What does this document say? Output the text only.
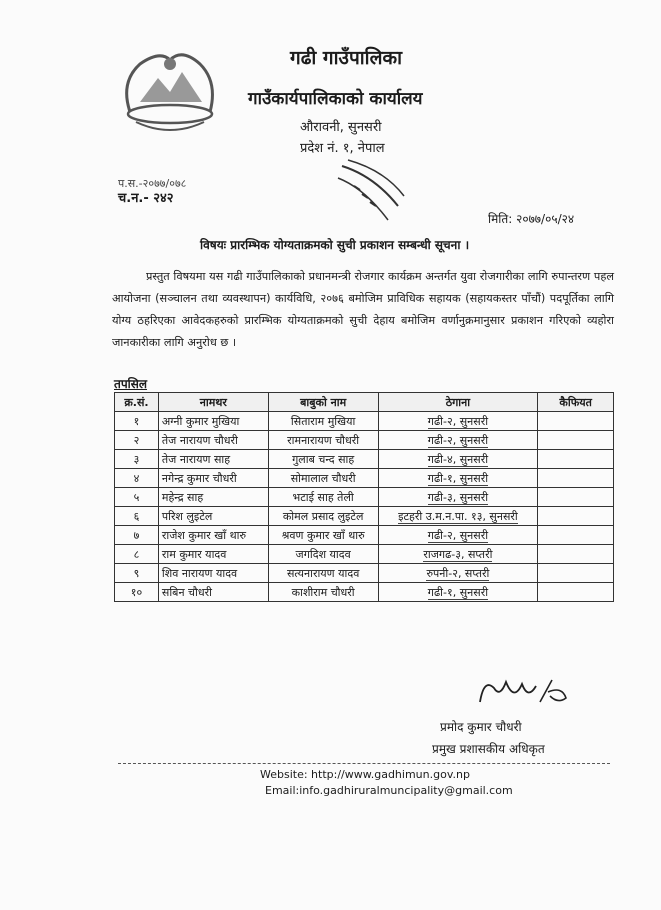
गढी गाउँपालिका
गाउँकार्यपालिकाको कार्यालय
औरावनी, सुनसरी
प्रदेश नं. १, नेपाल
प.स.-२०७७/०७८
च.न.- २४२
मिति: २०७७/०५/२४
विषयः प्रारम्भिक योग्यताक्रमको सुची प्रकाशन सम्बन्धी सूचना ।
प्रस्तुत विषयमा यस गढी गाउँपालिकाको प्रधानमन्त्री रोजगार कार्यक्रम अन्तर्गत युवा रोजगारीका लागि रुपान्तरण पहल आयोजना (सञ्चालन तथा व्यवस्थापन) कार्यविधि, २०७६ बमोजिम प्राविधिक सहायक (सहायकस्तर पाँचौं) पदपूर्तिका लागि योग्य ठहरिएका आवेदकहरुको प्रारम्भिक योग्यताक्रमको सुची देहाय बमोजिम वर्णानुक्रमानुसार प्रकाशन गरिएको व्यहोरा जानकारीका लागि अनुरोध छ ।
तपसिल
क्र.सं.	नामथर	बाबुको नाम	ठेगाना	कैफियत
१	अग्नी कुमार मुखिया	सिताराम मुखिया	गढी-२, सुनसरी	
२	तेज नारायण चौधरी	रामनारायण चौधरी	गढी-२, सुनसरी	
३	तेज नारायण साह	गुलाब चन्द साह	गढी-४, सुनसरी	
४	नगेन्द्र कुमार चौधरी	सोमालाल चौधरी	गढी-१, सुनसरी	
५	महेन्द्र साह	भटाई साह तेली	गढी-३, सुनसरी	
६	परिश लुइटेल	कोमल प्रसाद लुइटेल	इटहरी उ.म.न.पा. १३, सुनसरी	
७	राजेश कुमार खाँ थारु	श्रवण कुमार खाँ थारु	गढी-२, सुनसरी	
८	राम कुमार यादव	जगदिश यादव	राजगढ-३, सप्तरी	
९	शिव नारायण यादव	सत्यनारायण यादव	रुपनी-२, सप्तरी	
१०	सबिन चौधरी	काशीराम चौधरी	गढी-१, सुनसरी	
प्रमोद कुमार चौधरी
प्रमुख प्रशासकीय अधिकृत
Website: http://www.gadhimun.gov.np
Email:info.gadhiruralmuncipality@gmail.com
